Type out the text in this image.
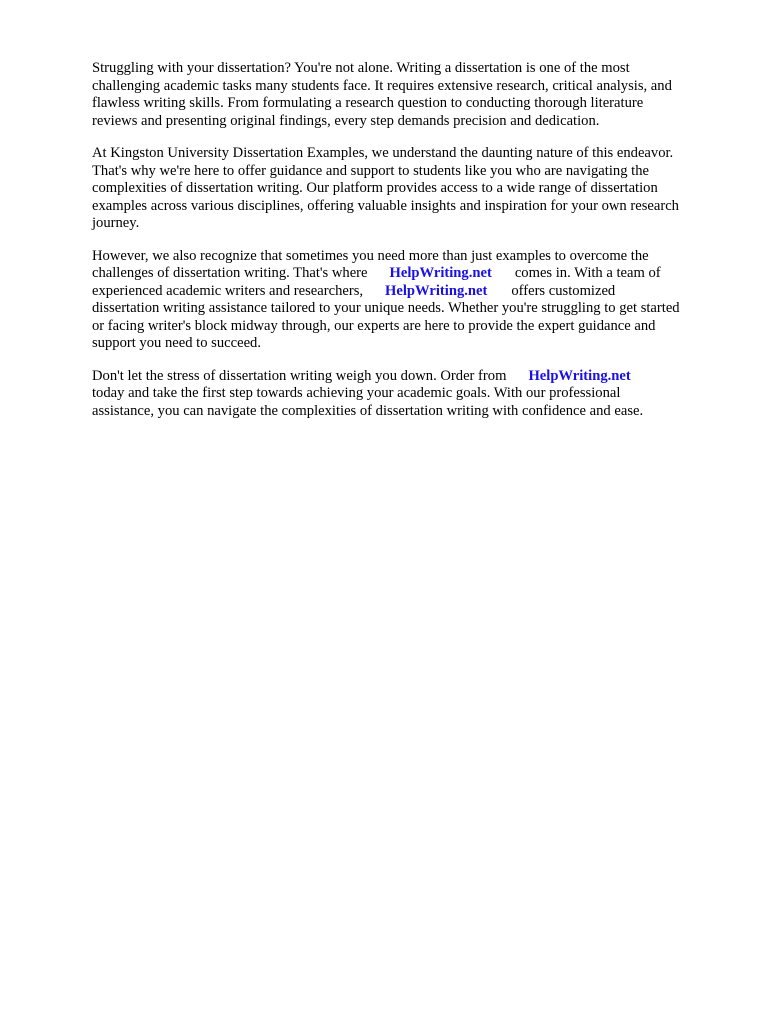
Struggling with your dissertation? You're not alone. Writing a dissertation is one of the most
challenging academic tasks many students face. It requires extensive research, critical analysis, and
flawless writing skills. From formulating a research question to conducting thorough literature
reviews and presenting original findings, every step demands precision and dedication.
At Kingston University Dissertation Examples, we understand the daunting nature of this endeavor.
That's why we're here to offer guidance and support to students like you who are navigating the
complexities of dissertation writing. Our platform provides access to a wide range of dissertation
examples across various disciplines, offering valuable insights and inspiration for your own research
journey.
However, we also recognize that sometimes you need more than just examples to overcome the
challenges of dissertation writing. That's where HelpWriting.net comes in. With a team of
experienced academic writers and researchers, HelpWriting.net offers customized
dissertation writing assistance tailored to your unique needs. Whether you're struggling to get started
or facing writer's block midway through, our experts are here to provide the expert guidance and
support you need to succeed.
Don't let the stress of dissertation writing weigh you down. Order from HelpWriting.net
today and take the first step towards achieving your academic goals. With our professional
assistance, you can navigate the complexities of dissertation writing with confidence and ease.
